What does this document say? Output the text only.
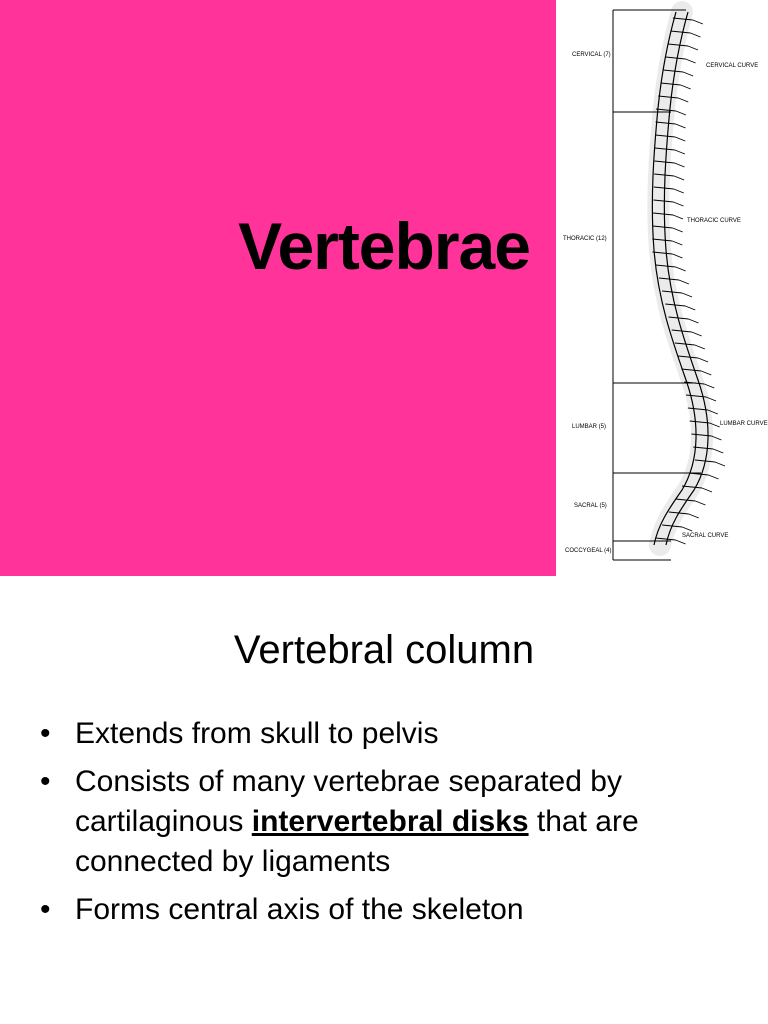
Vertebrae
CERVICAL (7)
THORACIC (12)
LUMBAR (5)
SACRAL (5)
COCCYGEAL (4)
CERVICAL CURVE
THORACIC CURVE
LUMBAR CURVE
SACRAL CURVE
Vertebral column
• Extends from skull to pelvis
• Consists of many vertebrae separated by cartilaginous intervertebral disks that are connected by ligaments
• Forms central axis of the skeleton
